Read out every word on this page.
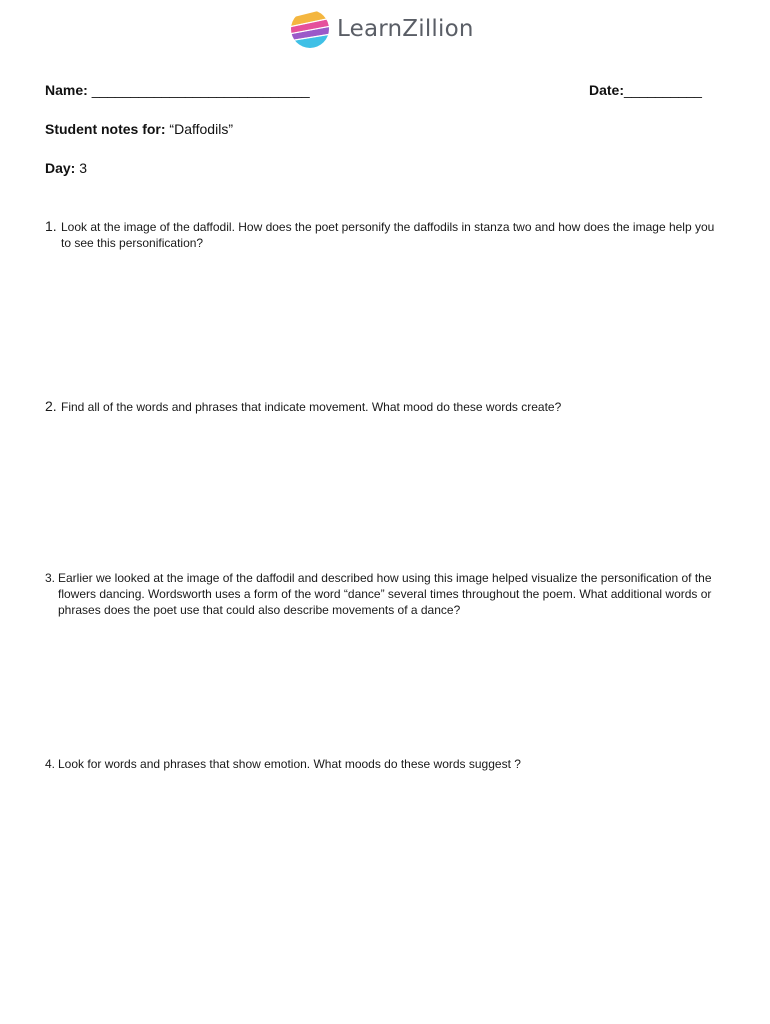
LearnZillion
Name: ____________________________	Date:__________
Student notes for: “Daffodils”
Day: 3
1. Look at the image of the daffodil. How does the poet personify the daffodils in stanza two and how does the image help you to see this personification?
2. Find all of the words and phrases that indicate movement. What mood do these words create?
3. Earlier we looked at the image of the daffodil and described how using this image helped visualize the personification of the flowers dancing. Wordsworth uses a form of the word “dance” several times throughout the poem. What additional words or phrases does the poet use that could also describe movements of a dance?
4. Look for words and phrases that show emotion. What moods do these words suggest ?
